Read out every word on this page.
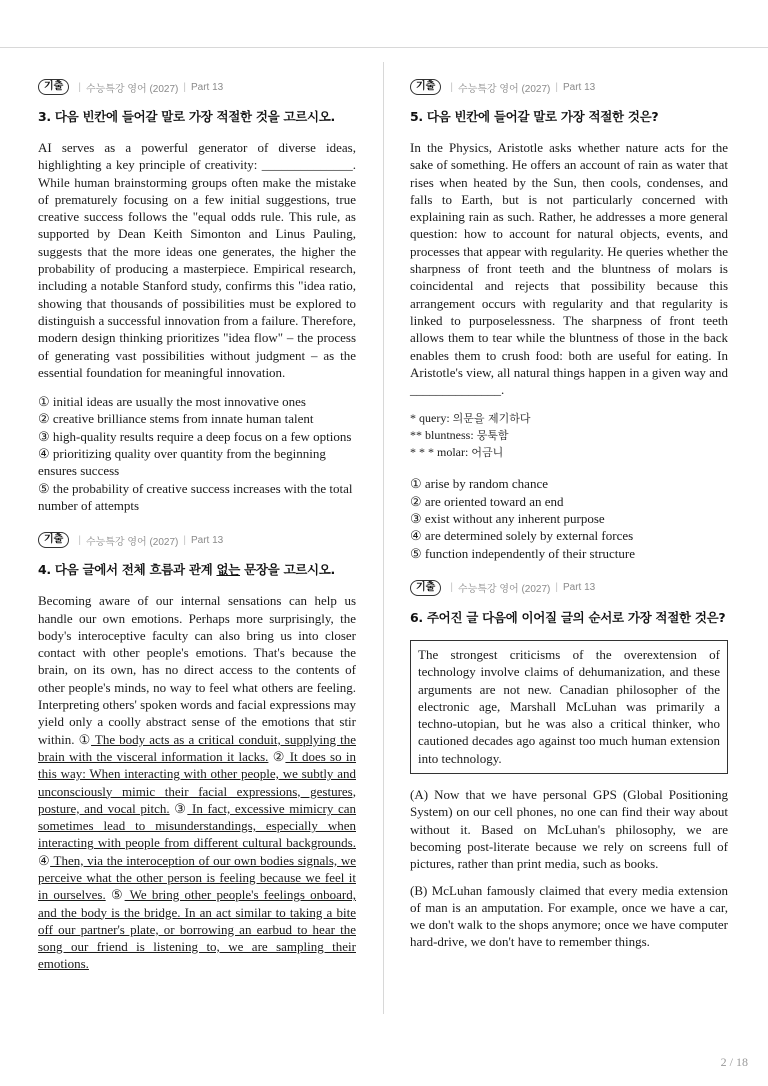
기출	| 수능특강 영어 (2027) | Part 13
3. 다음 빈칸에 들어갈 말로 가장 적절한 것을 고르시오.

AI serves as a powerful generator of diverse ideas, highlighting a key principle of creativity: ______________. While human brainstorming groups often make the mistake of prematurely focusing on a few initial suggestions, true creative success follows the "equal odds rule. This rule, as supported by Dean Keith Simonton and Linus Pauling, suggests that the more ideas one generates, the higher the probability of producing a masterpiece. Empirical research, including a notable Stanford study, confirms this "idea ratio, showing that thousands of possibilities must be explored to distinguish a successful innovation from a failure. Therefore, modern design thinking prioritizes "idea flow" – the process of generating vast possibilities without judgment – as the essential foundation for meaningful innovation.

① initial ideas are usually the most innovative ones
② creative brilliance stems from innate human talent
③ high-quality results require a deep focus on a few options
④ prioritizing quality over quantity from the beginning ensures success
⑤ the probability of creative success increases with the total number of attempts
기출	| 수능특강 영어 (2027) | Part 13
4. 다음 글에서 전체 흐름과 관계 없는 문장을 고르시오.

Becoming aware of our internal sensations can help us handle our own emotions. Perhaps more surprisingly, the body's interoceptive faculty can also bring us into closer contact with other people's emotions. That's because the brain, on its own, has no direct access to the contents of other people's minds, no way to feel what others are feeling. Interpreting others' spoken words and facial expressions may yield only a coolly abstract sense of the emotions that stir within. ① The body acts as a critical conduit, supplying the brain with the visceral information it lacks. ② It does so in this way: When interacting with other people, we subtly and unconsciously mimic their facial expressions, gestures, posture, and vocal pitch. ③ In fact, excessive mimicry can sometimes lead to misunderstandings, especially when interacting with people from different cultural backgrounds. ④ Then, via the interoception of our own bodies signals, we perceive what the other person is feeling because we feel it in ourselves. ⑤ We bring other people's feelings onboard, and the body is the bridge. In an act similar to taking a bite off our partner's plate, or borrowing an earbud to hear the song our friend is listening to, we are sampling their emotions.

기출	| 수능특강 영어 (2027) | Part 13
5. 다음 빈칸에 들어갈 말로 가장 적절한 것은?

In the Physics, Aristotle asks whether nature acts for the sake of something. He offers an account of rain as water that rises when heated by the Sun, then cools, condenses, and falls to Earth, but is not particularly concerned with explaining rain as such. Rather, he addresses a more general question: how to account for natural objects, events, and processes that appear with regularity. He queries whether the sharpness of front teeth and the bluntness of molars is coincidental and rejects that possibility because this arrangement occurs with regularity and that regularity is linked to purposelessness. The sharpness of front teeth allows them to tear while the bluntness of those in the back enables them to crush food: both are useful for eating. In Aristotle's view, all natural things happen in a given way and ______________.

* query: 의문을 제기하다
** bluntness: 뭉툭함
* * * molar: 어금니
① arise by random chance
② are oriented toward an end
③ exist without any inherent purpose
④ are determined solely by external forces
⑤ function independently of their structure
기출	| 수능특강 영어 (2027) | Part 13
6. 주어진 글 다음에 이어질 글의 순서로 가장 적절한 것은?
The strongest criticisms of the overextension of technology involve claims of dehumanization, and these arguments are not new. Canadian philosopher of the electronic age, Marshall McLuhan was primarily a techno-utopian, but he was also a critical thinker, who cautioned decades ago against too much human extension into technology.

(A) Now that we have personal GPS (Global Positioning System) on our cell phones, no one can find their way about without it. Based on McLuhan's philosophy, we are becoming post-literate because we rely on screens full of pictures, rather than print media, such as books.

(B) McLuhan famously claimed that every media extension of man is an amputation. For example, once we have a car, we don't walk to the shops anymore; once we have computer hard-drive, we don't have to remember things.

2 / 18
